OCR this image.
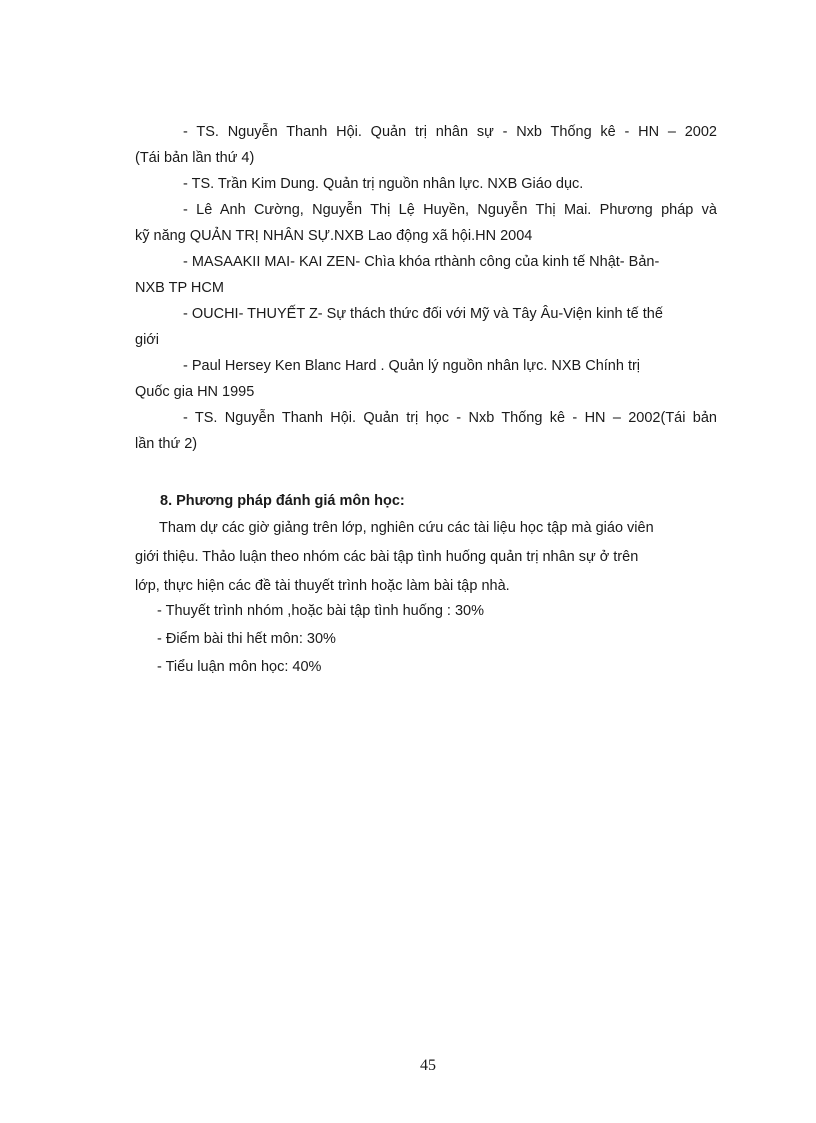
- TS. Nguyễn Thanh Hội. Quản trị nhân sự - Nxb Thống kê - HN – 2002
(Tái bản lần thứ 4)
- TS. Trần Kim Dung. Quản trị nguồn nhân lực. NXB Giáo dục.
- Lê Anh Cường, Nguyễn Thị Lệ Huyền, Nguyễn Thị Mai. Phương pháp và
kỹ năng QUẢN TRỊ NHÂN SỰ.NXB Lao động xã hội.HN 2004
- MASAAKII MAI- KAI ZEN- Chìa khóa rthành công của kinh tế Nhật- Bản-
NXB TP HCM
- OUCHI- THUYẾT Z- Sự thách thức đối với Mỹ và Tây Âu-Viện kinh tế thế
giới
- Paul Hersey Ken Blanc Hard . Quản lý nguồn nhân lực. NXB Chính trị
Quốc gia HN 1995
- TS. Nguyễn Thanh Hội. Quản trị học - Nxb Thống kê - HN – 2002(Tái bản
lần thứ 2)
8. Phương pháp đánh giá môn học:
Tham dự các giờ giảng trên lớp, nghiên cứu các tài liệu học tập mà giáo viên
giới thiệu. Thảo luận theo nhóm các bài tập tình huống quản trị nhân sự ở trên
lớp, thực hiện các đề tài thuyết trình hoặc làm bài tập nhà.
- Thuyết trình nhóm ,hoặc bài tập tình huống : 30%
- Điểm bài thi hết môn: 30%
- Tiểu luận môn học: 40%
45
